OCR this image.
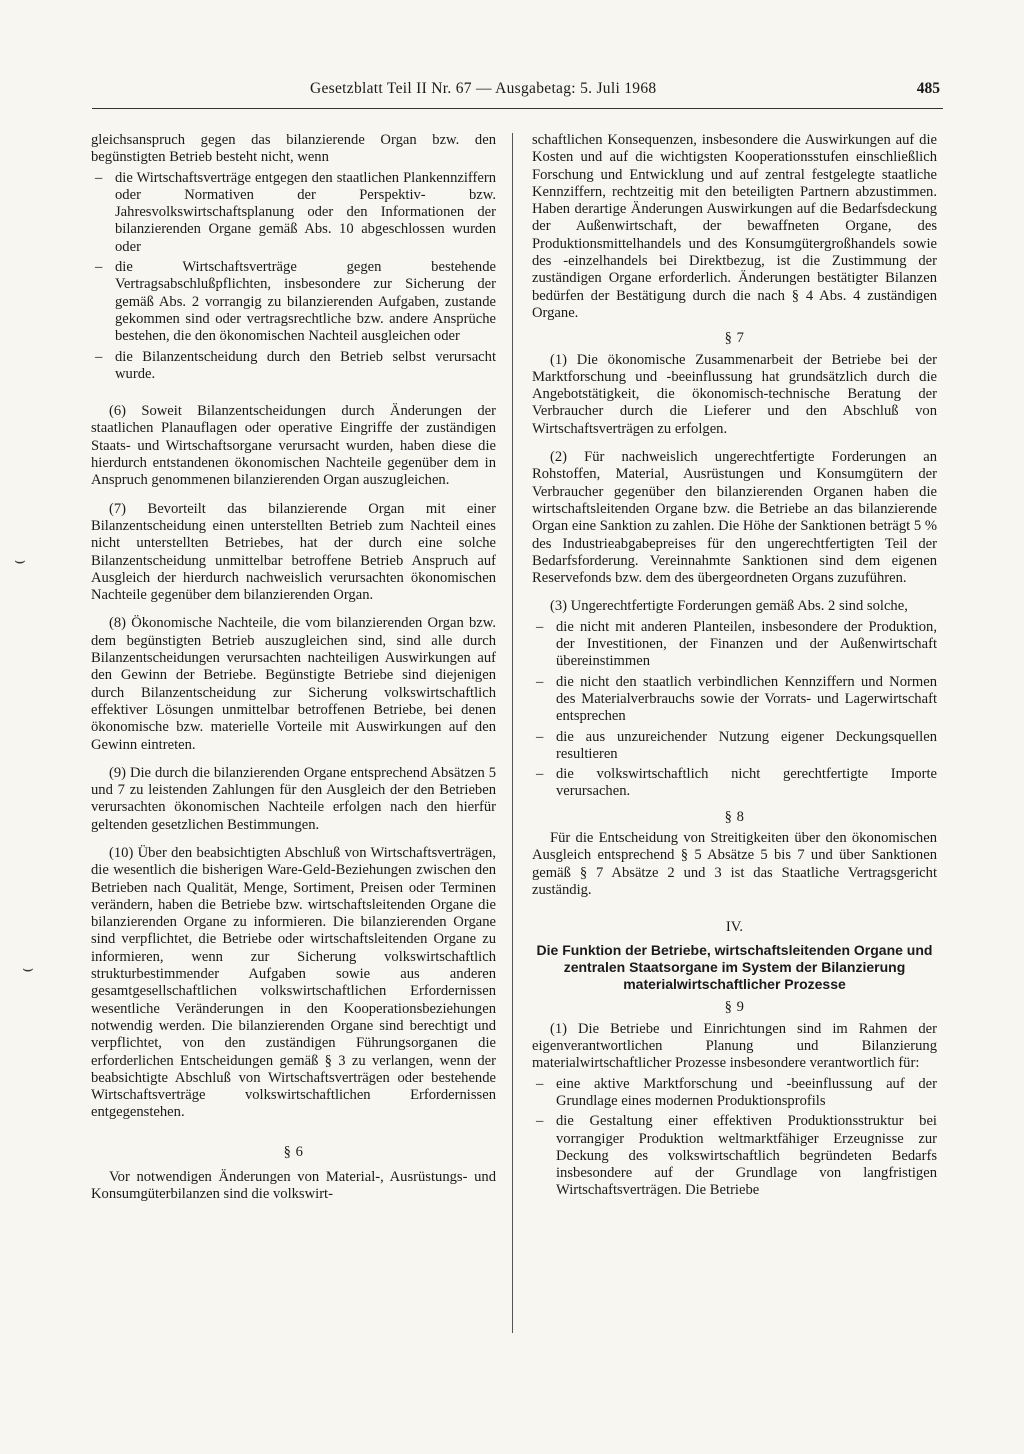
Gesetzblatt Teil II Nr. 67 — Ausgabetag: 5. Juli 1968	485
⌣
⌣

gleichsanspruch gegen das bilanzierende Organ bzw. den begünstigten Betrieb besteht nicht, wenn

– die Wirtschaftsverträge entgegen den staatlichen Plankennziffern oder Normativen der Perspektiv- bzw. Jahresvolkswirtschaftsplanung oder den Informationen der bilanzierenden Organe gemäß Abs. 10 abgeschlossen wurden oder
– die Wirtschaftsverträge gegen bestehende Vertragsabschlußpflichten, insbesondere zur Sicherung der gemäß Abs. 2 vorrangig zu bilanzierenden Aufgaben, zustande gekommen sind oder vertragsrechtliche bzw. andere Ansprüche bestehen, die den ökonomischen Nachteil ausgleichen oder
– die Bilanzentscheidung durch den Betrieb selbst verursacht wurde.

(6) Soweit Bilanzentscheidungen durch Änderungen der staatlichen Planauflagen oder operative Eingriffe der zuständigen Staats- und Wirtschaftsorgane verursacht wurden, haben diese die hierdurch entstandenen ökonomischen Nachteile gegenüber dem in Anspruch genommenen bilanzierenden Organ auszugleichen.

(7) Bevorteilt das bilanzierende Organ mit einer Bilanzentscheidung einen unterstellten Betrieb zum Nachteil eines nicht unterstellten Betriebes, hat der durch eine solche Bilanzentscheidung unmittelbar betroffene Betrieb Anspruch auf Ausgleich der hierdurch nachweislich verursachten ökonomischen Nachteile gegenüber dem bilanzierenden Organ.

(8) Ökonomische Nachteile, die vom bilanzierenden Organ bzw. dem begünstigten Betrieb auszugleichen sind, sind alle durch Bilanzentscheidungen verursachten nachteiligen Auswirkungen auf den Gewinn der Betriebe. Begünstigte Betriebe sind diejenigen durch Bilanzentscheidung zur Sicherung volkswirtschaftlich effektiver Lösungen unmittelbar betroffenen Betriebe, bei denen ökonomische bzw. materielle Vorteile mit Auswirkungen auf den Gewinn eintreten.

(9) Die durch die bilanzierenden Organe entsprechend Absätzen 5 und 7 zu leistenden Zahlungen für den Ausgleich der den Betrieben verursachten ökonomischen Nachteile erfolgen nach den hierfür geltenden gesetzlichen Bestimmungen.

(10) Über den beabsichtigten Abschluß von Wirtschaftsverträgen, die wesentlich die bisherigen Ware-Geld-Beziehungen zwischen den Betrieben nach Qualität, Menge, Sortiment, Preisen oder Terminen verändern, haben die Betriebe bzw. wirtschaftsleitenden Organe die bilanzierenden Organe zu informieren. Die bilanzierenden Organe sind verpflichtet, die Betriebe oder wirtschaftsleitenden Organe zu informieren, wenn zur Sicherung volkswirtschaftlich strukturbestimmender Aufgaben sowie aus anderen gesamtgesellschaftlichen volkswirtschaftlichen Erfordernissen wesentliche Veränderungen in den Kooperationsbeziehungen notwendig werden. Die bilanzierenden Organe sind berechtigt und verpflichtet, von den zuständigen Führungsorganen die erforderlichen Entscheidungen gemäß § 3 zu verlangen, wenn der beabsichtigte Abschluß von Wirtschaftsverträgen oder bestehende Wirtschaftsverträge volkswirtschaftlichen Erfordernissen entgegenstehen.

§ 6

Vor notwendigen Änderungen von Material-, Ausrüstungs- und Konsumgüterbilanzen sind die volkswirt-

schaftlichen Konsequenzen, insbesondere die Auswirkungen auf die Kosten und auf die wichtigsten Kooperationsstufen einschließlich Forschung und Entwicklung und auf zentral festgelegte staatliche Kennziffern, rechtzeitig mit den beteiligten Partnern abzustimmen. Haben derartige Änderungen Auswirkungen auf die Bedarfsdeckung der Außenwirtschaft, der bewaffneten Organe, des Produktionsmittelhandels und des Konsumgütergroßhandels sowie des -einzelhandels bei Direktbezug, ist die Zustimmung der zuständigen Organe erforderlich. Änderungen bestätigter Bilanzen bedürfen der Bestätigung durch die nach § 4 Abs. 4 zuständigen Organe.

§ 7

(1) Die ökonomische Zusammenarbeit der Betriebe bei der Marktforschung und -beeinflussung hat grundsätzlich durch die Angebotstätigkeit, die ökonomisch-technische Beratung der Verbraucher durch die Lieferer und den Abschluß von Wirtschaftsverträgen zu erfolgen.

(2) Für nachweislich ungerechtfertigte Forderungen an Rohstoffen, Material, Ausrüstungen und Konsumgütern der Verbraucher gegenüber den bilanzierenden Organen haben die wirtschaftsleitenden Organe bzw. die Betriebe an das bilanzierende Organ eine Sanktion zu zahlen. Die Höhe der Sanktionen beträgt 5 % des Industrieabgabepreises für den ungerechtfertigten Teil der Bedarfsforderung. Vereinnahmte Sanktionen sind dem eigenen Reservefonds bzw. dem des übergeordneten Organs zuzuführen.

(3) Ungerechtfertigte Forderungen gemäß Abs. 2 sind solche,

– die nicht mit anderen Planteilen, insbesondere der Produktion, der Investitionen, der Finanzen und der Außenwirtschaft übereinstimmen
– die nicht den staatlich verbindlichen Kennziffern und Normen des Materialverbrauchs sowie der Vorrats- und Lagerwirtschaft entsprechen
– die aus unzureichender Nutzung eigener Deckungsquellen resultieren
– die volkswirtschaftlich nicht gerechtfertigte Importe verursachen.

§ 8

Für die Entscheidung von Streitigkeiten über den ökonomischen Ausgleich entsprechend § 5 Absätze 5 bis 7 und über Sanktionen gemäß § 7 Absätze 2 und 3 ist das Staatliche Vertragsgericht zuständig.

IV.

Die Funktion der Betriebe, wirtschaftsleitenden Organe und zentralen Staatsorgane im System der Bilanzierung materialwirtschaftlicher Prozesse

§ 9

(1) Die Betriebe und Einrichtungen sind im Rahmen der eigenverantwortlichen Planung und Bilanzierung materialwirtschaftlicher Prozesse insbesondere verantwortlich für:

– eine aktive Marktforschung und -beeinflussung auf der Grundlage eines modernen Produktionsprofils
– die Gestaltung einer effektiven Produktionsstruktur bei vorrangiger Produktion weltmarktfähiger Erzeugnisse zur Deckung des volkswirtschaftlich begründeten Bedarfs insbesondere auf der Grundlage von langfristigen Wirtschaftsverträgen. Die Betriebe
